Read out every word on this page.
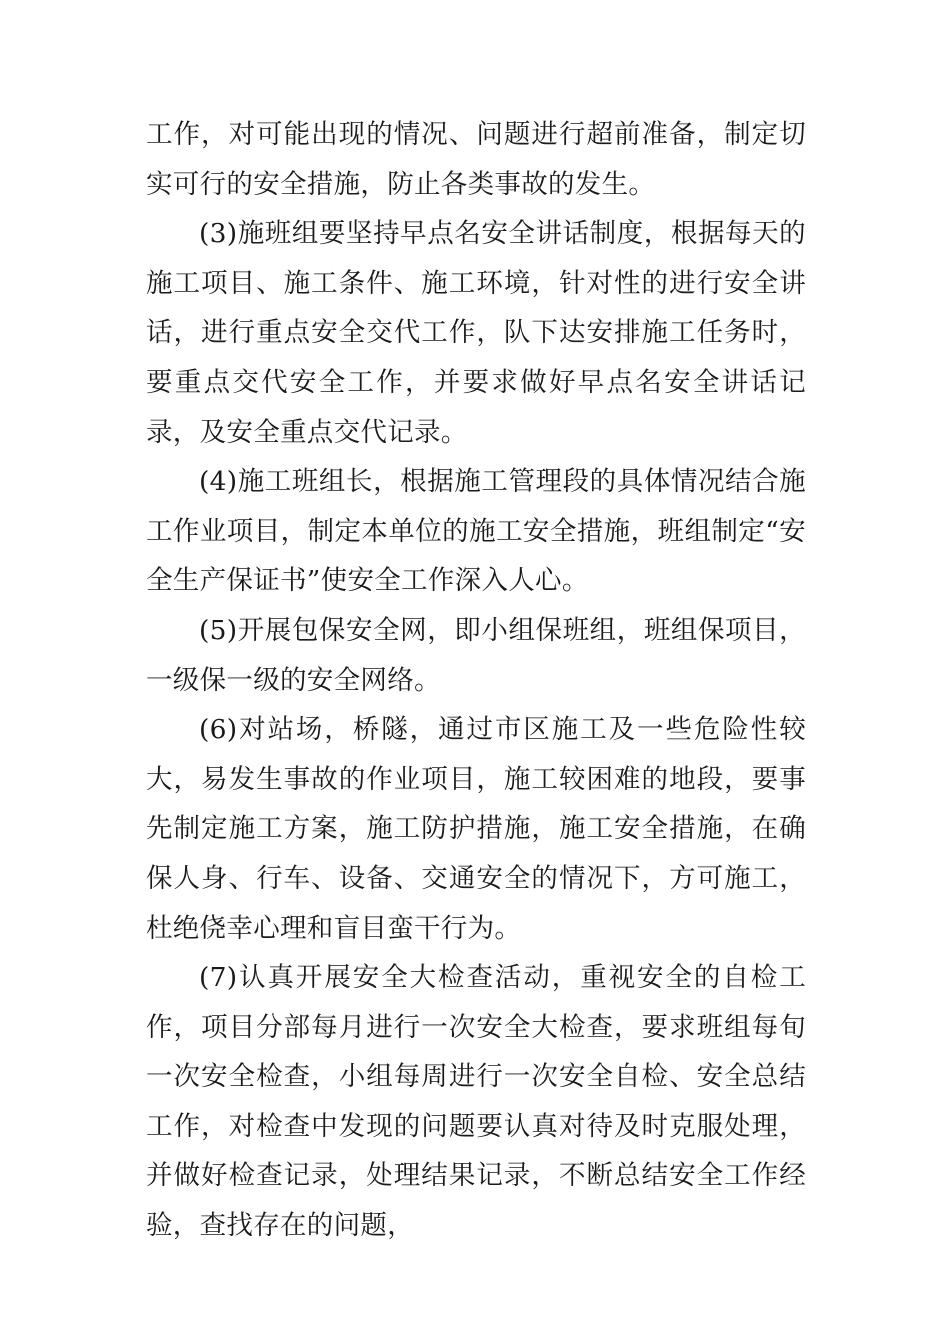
工作，对可能出现的情况、问题进行超前准备，制定切实可行的安全措施，防止各类事故的发生。

(3)施班组要坚持早点名安全讲话制度，根据每天的施工项目、施工条件、施工环境，针对性的进行安全讲话，进行重点安全交代工作，队下达安排施工任务时，要重点交代安全工作，并要求做好早点名安全讲话记录，及安全重点交代记录。

(4)施工班组长，根据施工管理段的具体情况结合施工作业项目，制定本单位的施工安全措施，班组制定“安全生产保证书”使安全工作深入人心。

(5)开展包保安全网，即小组保班组，班组保项目，一级保一级的安全网络。

(6)对站场，桥隧，通过市区施工及一些危险性较大，易发生事故的作业项目，施工较困难的地段，要事先制定施工方案，施工防护措施，施工安全措施，在确保人身、行车、设备、交通安全的情况下，方可施工，杜绝侥幸心理和盲目蛮干行为。

(7)认真开展安全大检查活动，重视安全的自检工作，项目分部每月进行一次安全大检查，要求班组每旬一次安全检查，小组每周进行一次安全自检、安全总结工作，对检查中发现的问题要认真对待及时克服处理，并做好检查记录，处理结果记录，不断总结安全工作经验，查找存在的问题，
